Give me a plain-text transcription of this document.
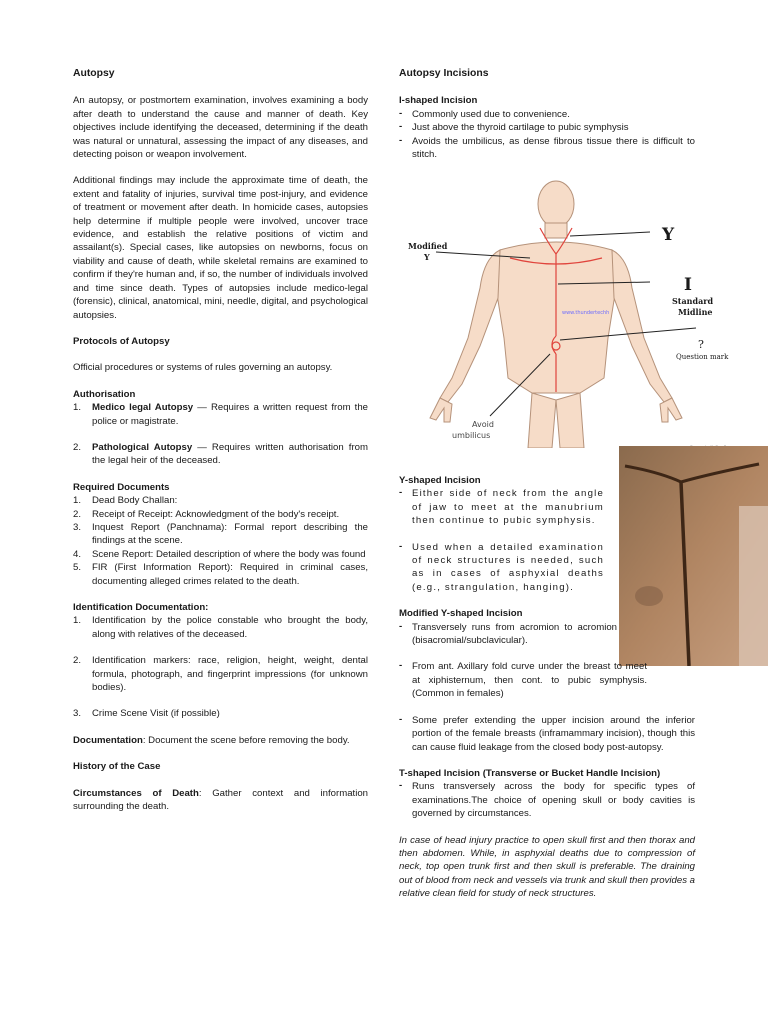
Autopsy

An autopsy, or postmortem examination, involves examining a body after death to understand the cause and manner of death. Key objectives include identifying the deceased, determining if the death was natural or unnatural, assessing the impact of any diseases, and detecting poison or weapon involvement.

Additional findings may include the approximate time of death, the extent and fatality of injuries, survival time post-injury, and evidence of treatment or movement after death. In homicide cases, autopsies help determine if multiple people were involved, uncover trace evidence, and establish the relative positions of victim and assailant(s). Special cases, like autopsies on newborns, focus on viability and cause of death, while skeletal remains are examined to confirm if they're human and, if so, the number of individuals involved and time since death. Types of autopsies include medico-legal (forensic), clinical, anatomical, mini, needle, digital, and psychological autopsies.

Protocols of Autopsy

Official procedures or systems of rules governing an autopsy.

Authorisation
1. Medico legal Autopsy — Requires a written request from the police or magistrate.
2. Pathological Autopsy — Requires written authorisation from the legal heir of the deceased.
Required Documents
1. Dead Body Challan:
2. Receipt of Receipt: Acknowledgment of the body's receipt.
3. Inquest Report (Panchnama): Formal report describing the findings at the scene.
4. Scene Report: Detailed description of where the body was found
5. FIR (First Information Report): Required in criminal cases, documenting alleged crimes related to the death.
Identification Documentation:
1. Identification by the police constable who brought the body, along with relatives of the deceased.
2. Identification markers: race, religion, height, weight, dental formula, photograph, and fingerprint impressions (for unknown bodies).
3. Crime Scene Visit (if possible)

Documentation: Document the scene before removing the body.

History of the Case

Circumstances of Death: Gather context and information surrounding the death.

Autopsy Incisions
I-shaped Incision
- Commonly used due to convenience.
- Just above the thyroid cartilage to pubic symphysis
- Avoids the umbilicus, as dense fibrous tissue there is difficult to stitch.
Modified
Y
Y
I
Standard
Midline
?
Question mark
Avoid
umbilicus
www.thundertechh
Y-shaped Incision
- Either side of neck from the angle of jaw to meet at the manubrium then continue to pubic symphysis.
- Used when a detailed examination of neck structures is needed, such as in cases of asphyxial deaths (e.g., strangulation, hanging).
Modified Y-shaped Incision
- Transversely runs from acromion to acromion (bisacromial/subclavicular).
- From ant. Axillary fold curve under the breast to meet at xiphisternum, then cont. to pubic symphysis. (Common in females)
- Some prefer extending the upper incision around the inferior portion of the female breasts (inframammary incision), though this can cause fluid leakage from the closed body post-autopsy.
T-shaped Incision (Transverse or Bucket Handle Incision)
- Runs transversely across the body for specific types of examinations.The choice of opening skull or body cavities is governed by circumstances.

In case of head injury practice to open skull first and then thorax and then abdomen. While, in asphyxial deaths due to compression of neck, top open trunk first and then skull is preferable. The draining out of blood from neck and vessels via trunk and skull then provides a relative clean field for study of neck structures.
